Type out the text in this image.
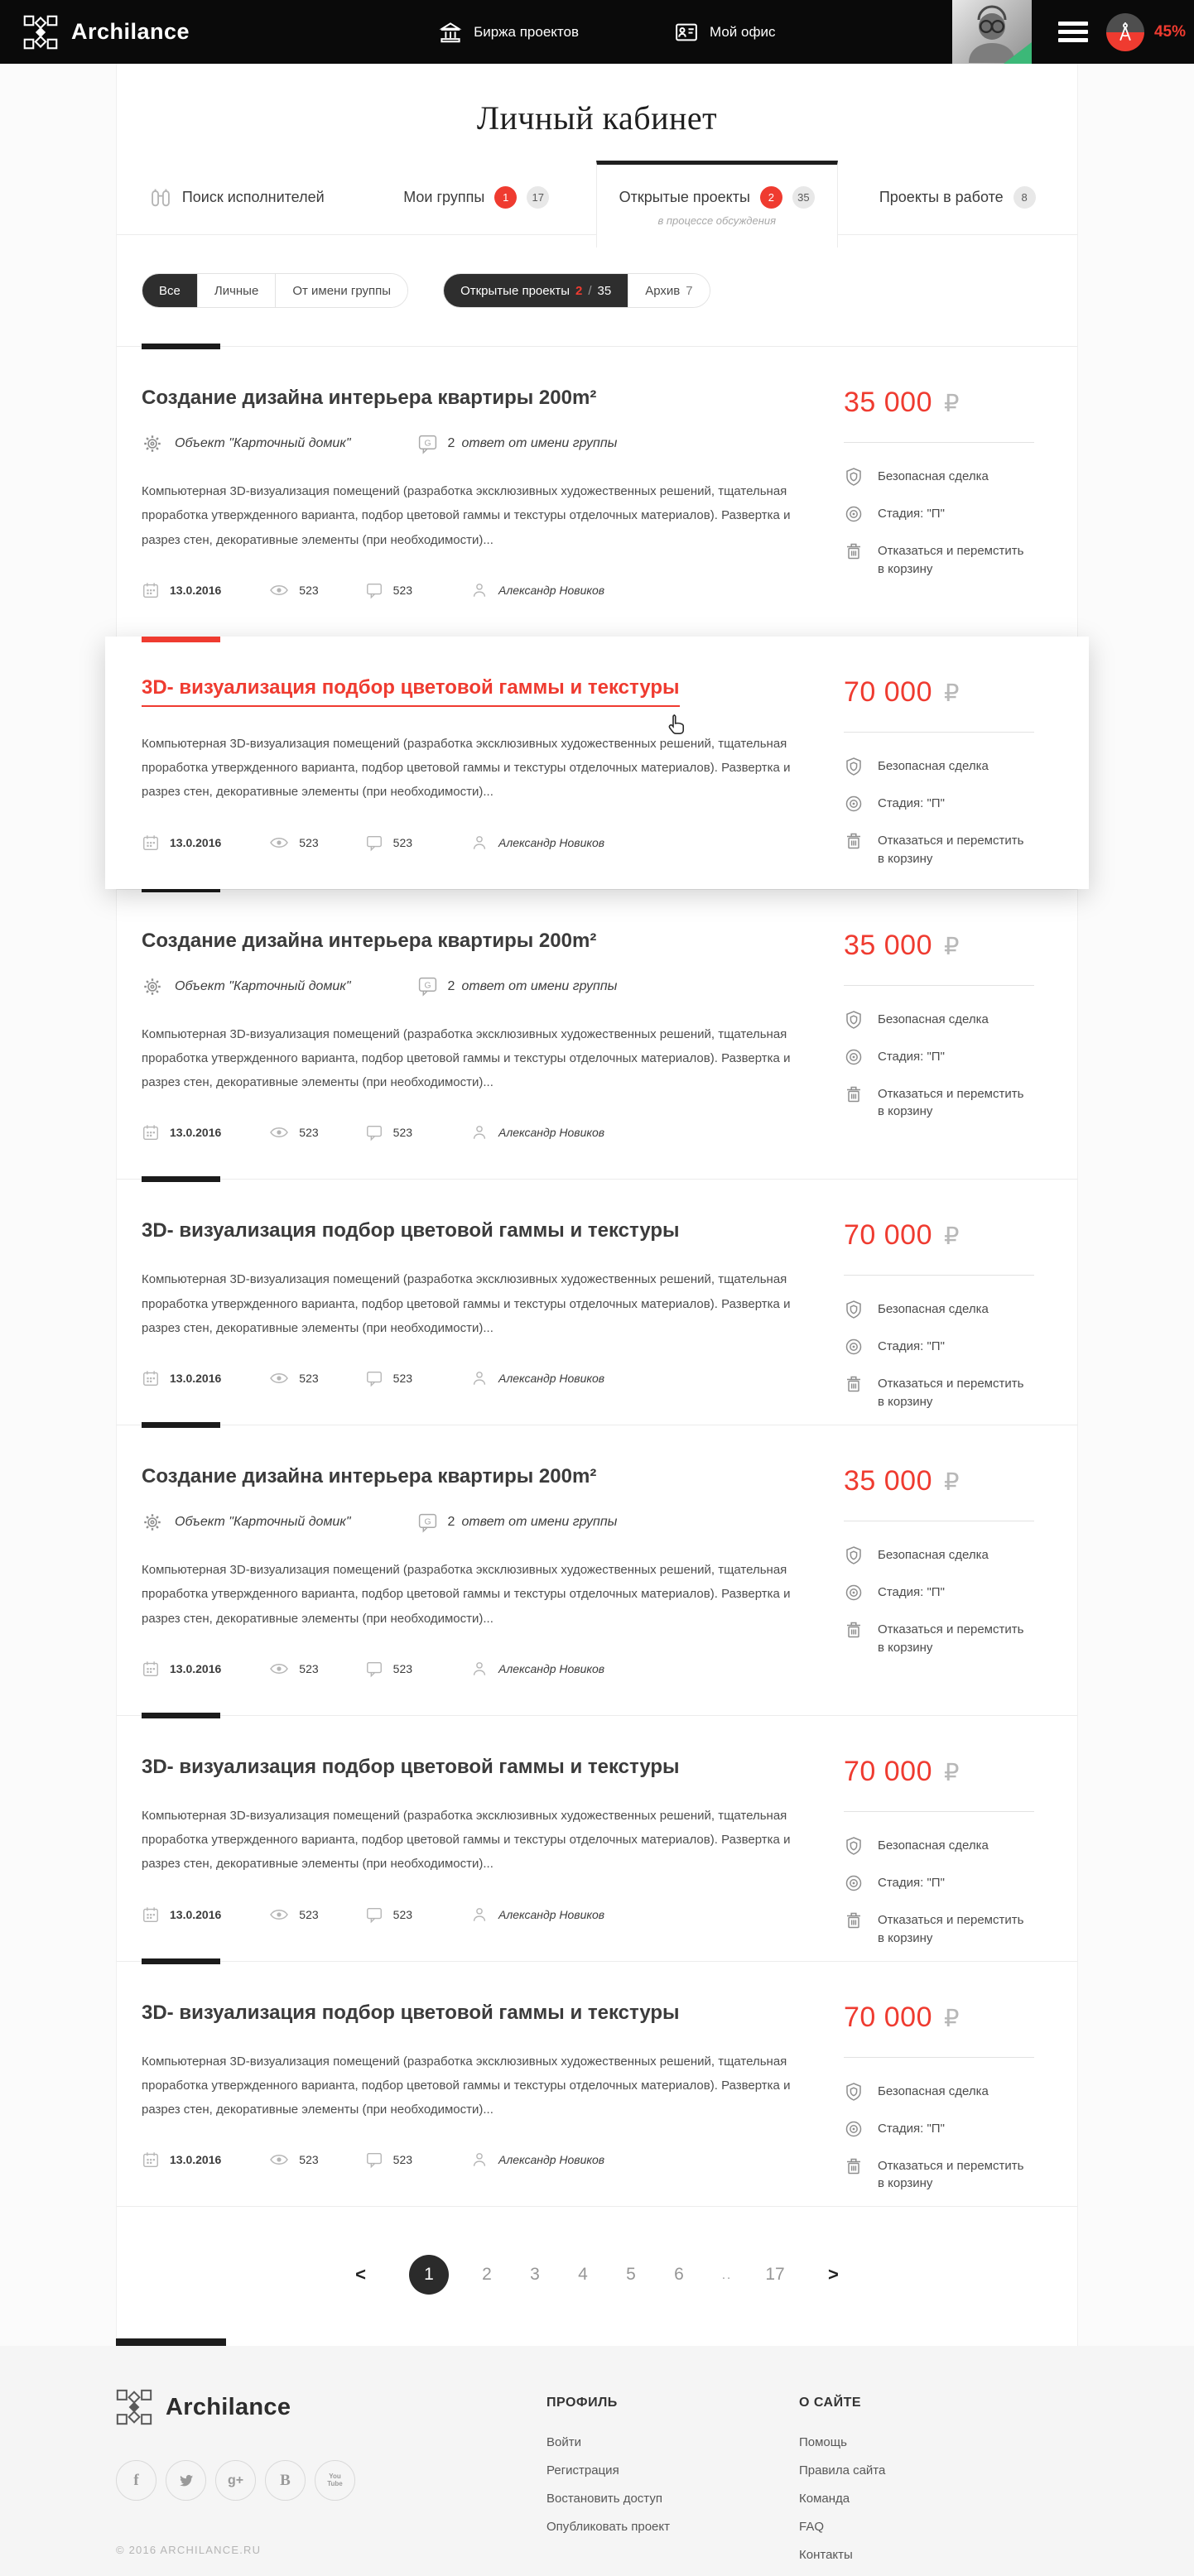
Archilance	Биржа проектов	Мой офис	45%
Личный кабинет
Поиск исполнителей	Мои группы	1	17	Открытые проекты	2	35
в процессе обсуждения
Проекты в работе	8
Все	Личные	От имени группы	Открытые проекты 2 / 35	Архив 7
Создание дизайна интерьера квартиры 200m²
Объект "Карточный домик"	G 2 ответ от имени группы

Компьютерная 3D-визуализация помещений (разработка эксклюзивных художественных решений, тщательная проработка утвержденного варианта, подбор цветовой гаммы и текстуры отделочных материалов). Развертка и разрез стен, декоративные элементы (при необходимости)...

13.0.2016	523	523	Александр Новиков
35 000 ₽
Безопасная сделка
Стадия: "П"
Отказаться и перемстить
в корзину
3D- визуализация подбор цветовой гаммы и текстуры

Компьютерная 3D-визуализация помещений (разработка эксклюзивных художественных решений, тщательная проработка утвержденного варианта, подбор цветовой гаммы и текстуры отделочных материалов). Развертка и разрез стен, декоративные элементы (при необходимости)...

13.0.2016	523	523	Александр Новиков
70 000 ₽
Безопасная сделка
Стадия: "П"
Отказаться и перемстить
в корзину
Создание дизайна интерьера квартиры 200m²
Объект "Карточный домик"	G 2 ответ от имени группы

Компьютерная 3D-визуализация помещений (разработка эксклюзивных художественных решений, тщательная проработка утвержденного варианта, подбор цветовой гаммы и текстуры отделочных материалов). Развертка и разрез стен, декоративные элементы (при необходимости)...

13.0.2016	523	523	Александр Новиков
35 000 ₽
Безопасная сделка
Стадия: "П"
Отказаться и перемстить
в корзину
3D- визуализация подбор цветовой гаммы и текстуры

Компьютерная 3D-визуализация помещений (разработка эксклюзивных художественных решений, тщательная проработка утвержденного варианта, подбор цветовой гаммы и текстуры отделочных материалов). Развертка и разрез стен, декоративные элементы (при необходимости)...

13.0.2016	523	523	Александр Новиков
70 000 ₽
Безопасная сделка
Стадия: "П"
Отказаться и перемстить
в корзину
Создание дизайна интерьера квартиры 200m²
Объект "Карточный домик"	G 2 ответ от имени группы

Компьютерная 3D-визуализация помещений (разработка эксклюзивных художественных решений, тщательная проработка утвержденного варианта, подбор цветовой гаммы и текстуры отделочных материалов). Развертка и разрез стен, декоративные элементы (при необходимости)...

13.0.2016	523	523	Александр Новиков
35 000 ₽
Безопасная сделка
Стадия: "П"
Отказаться и перемстить
в корзину
3D- визуализация подбор цветовой гаммы и текстуры

Компьютерная 3D-визуализация помещений (разработка эксклюзивных художественных решений, тщательная проработка утвержденного варианта, подбор цветовой гаммы и текстуры отделочных материалов). Развертка и разрез стен, декоративные элементы (при необходимости)...

13.0.2016	523	523	Александр Новиков
70 000 ₽
Безопасная сделка
Стадия: "П"
Отказаться и перемстить
в корзину
3D- визуализация подбор цветовой гаммы и текстуры

Компьютерная 3D-визуализация помещений (разработка эксклюзивных художественных решений, тщательная проработка утвержденного варианта, подбор цветовой гаммы и текстуры отделочных материалов). Развертка и разрез стен, декоративные элементы (при необходимости)...

13.0.2016	523	523	Александр Новиков
70 000 ₽
Безопасная сделка
Стадия: "П"
Отказаться и перемстить
в корзину
<	1	2 3 4 5 6	.. 17	>
Archilance
f	g+ B	You
Tube
© 2016 ARCHILANCE.RU
ПРОФИЛЬ
Войти
Регистрация
Востановить доступ
Опубликовать проект
О САЙТЕ
Помощь
Правила сайта
Команда
FAQ
Контакты
